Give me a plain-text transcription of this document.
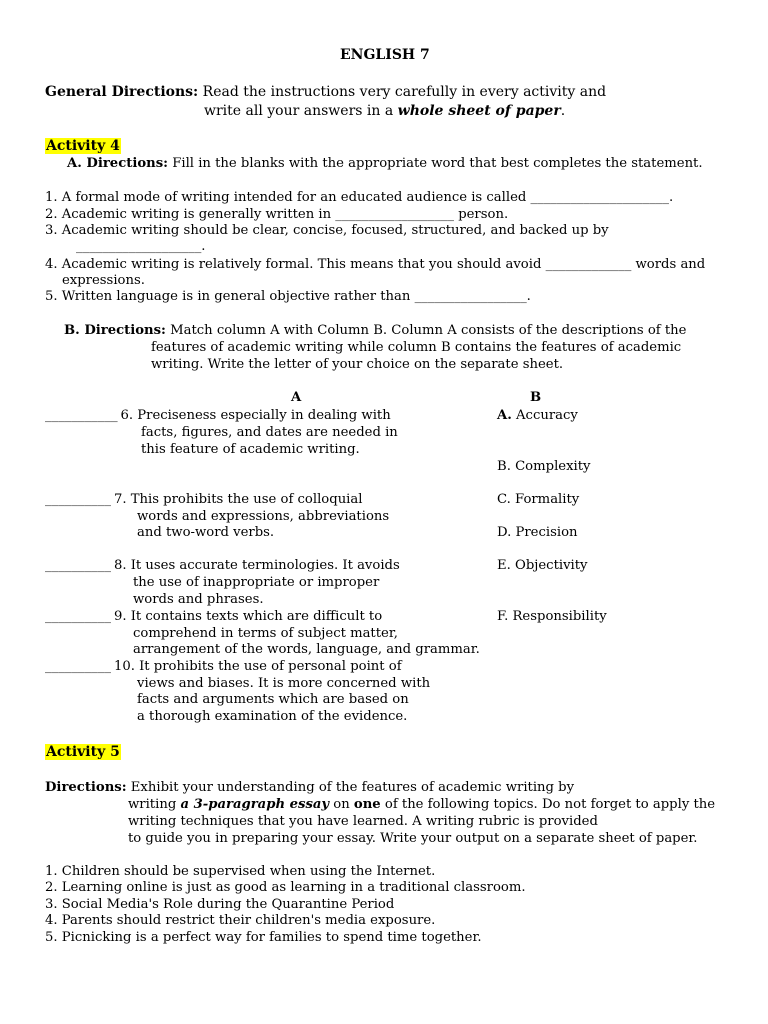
ENGLISH 7
General Directions: Read the instructions very carefully in every activity and
write all your answers in a whole sheet of paper.
Activity 4
A. Directions: Fill in the blanks with the appropriate word that best completes the statement.
1. A formal mode of writing intended for an educated audience is called _____________________.
2. Academic writing is generally written in __________________ person.
3. Academic writing should be clear, concise, focused, structured, and backed up by
___________________.
4. Academic writing is relatively formal. This means that you should avoid _____________ words and
expressions.
5. Written language is in general objective rather than _________________.
B. Directions: Match column A with Column B. Column A consists of the descriptions of the
features of academic writing while column B contains the features of academic
writing. Write the letter of your choice on the separate sheet.
A	B
___________ 6. Preciseness especially in dealing with
facts, figures, and dates are needed in
this feature of academic writing.
__________ 7. This prohibits the use of colloquial
words and expressions, abbreviations
and two-word verbs.
__________ 8. It uses accurate terminologies. It avoids
the use of inappropriate or improper
words and phrases.
__________ 9. It contains texts which are difficult to
comprehend in terms of subject matter,
arrangement of the words, language, and grammar.
__________ 10. It prohibits the use of personal point of
views and biases. It is more concerned with
facts and arguments which are based on
a thorough examination of the evidence.
A. Accuracy
B. Complexity
C. Formality
D. Precision
E. Objectivity
F. Responsibility
Activity 5
Directions: Exhibit your understanding of the features of academic writing by
writing a 3-paragraph essay on one of the following topics. Do not forget to apply the
writing techniques that you have learned. A writing rubric is provided
to guide you in preparing your essay. Write your output on a separate sheet of paper.
1. Children should be supervised when using the Internet.
2. Learning online is just as good as learning in a traditional classroom.
3. Social Media's Role during the Quarantine Period
4. Parents should restrict their children's media exposure.
5. Picnicking is a perfect way for families to spend time together.
